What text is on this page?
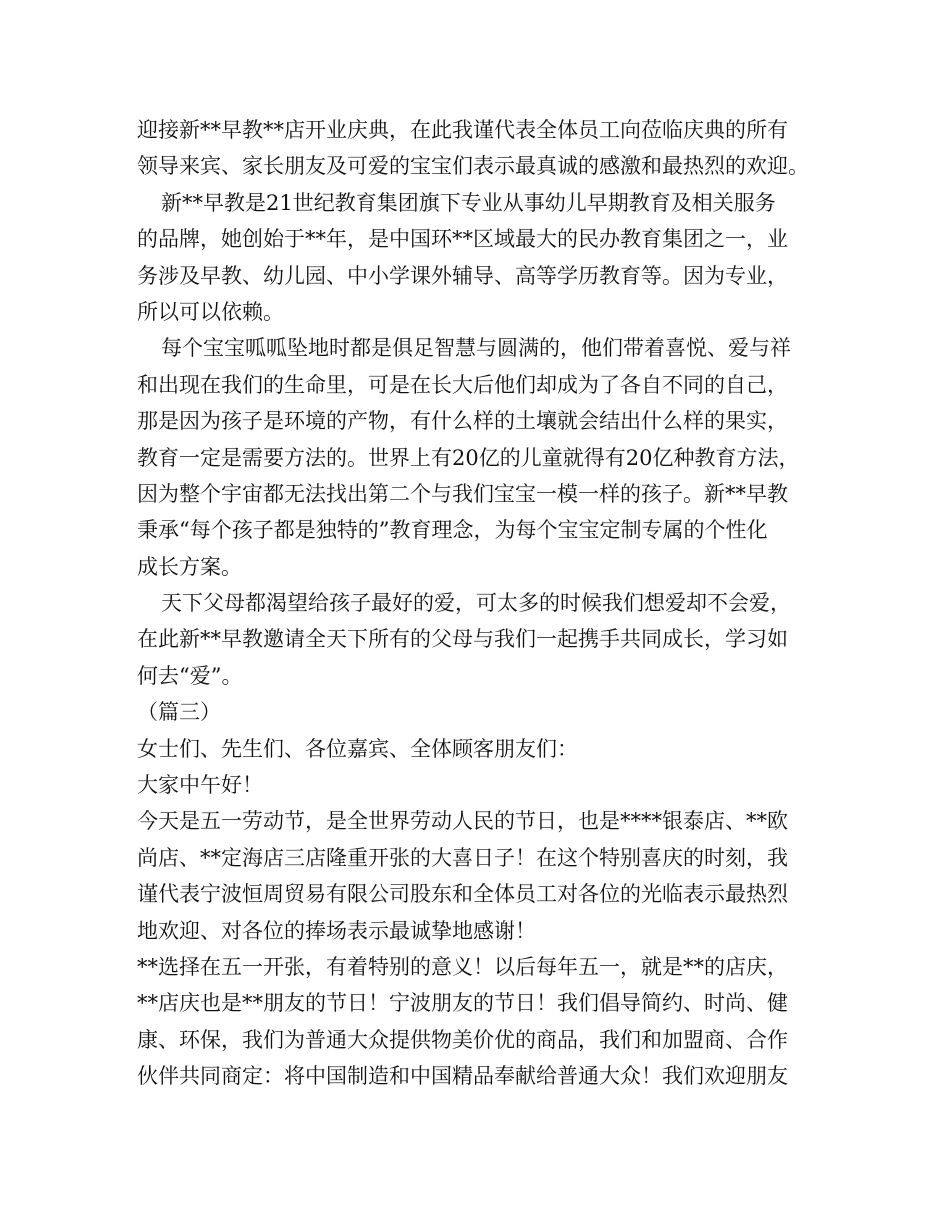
迎接新**早教**店开业庆典，在此我谨代表全体员工向莅临庆典的所有
领导来宾、家长朋友及可爱的宝宝们表示最真诚的感激和最热烈的欢迎。
新**早教是21世纪教育集团旗下专业从事幼儿早期教育及相关服务
的品牌，她创始于**年，是中国环**区域最大的民办教育集团之一，业
务涉及早教、幼儿园、中小学课外辅导、高等学历教育等。因为专业，
所以可以依赖。
每个宝宝呱呱坠地时都是俱足智慧与圆满的，他们带着喜悦、爱与祥
和出现在我们的生命里，可是在长大后他们却成为了各自不同的自己，
那是因为孩子是环境的产物，有什么样的土壤就会结出什么样的果实，
教育一定是需要方法的。世界上有20亿的儿童就得有20亿种教育方法，
因为整个宇宙都无法找出第二个与我们宝宝一模一样的孩子。新**早教
秉承“每个孩子都是独特的”教育理念，为每个宝宝定制专属的个性化
成长方案。
天下父母都渴望给孩子最好的爱，可太多的时候我们想爱却不会爱，
在此新**早教邀请全天下所有的父母与我们一起携手共同成长，学习如
何去“爱”。
（篇三）
女士们、先生们、各位嘉宾、全体顾客朋友们：
大家中午好！
今天是五一劳动节，是全世界劳动人民的节日，也是****银泰店、**欧
尚店、**定海店三店隆重开张的大喜日子！在这个特别喜庆的时刻，我
谨代表宁波恒周贸易有限公司股东和全体员工对各位的光临表示最热烈
地欢迎、对各位的捧场表示最诚挚地感谢！
**选择在五一开张，有着特别的意义！以后每年五一，就是**的店庆，
**店庆也是**朋友的节日！宁波朋友的节日！我们倡导简约、时尚、健
康、环保，我们为普通大众提供物美价优的商品，我们和加盟商、合作
伙伴共同商定：将中国制造和中国精品奉献给普通大众！我们欢迎朋友
